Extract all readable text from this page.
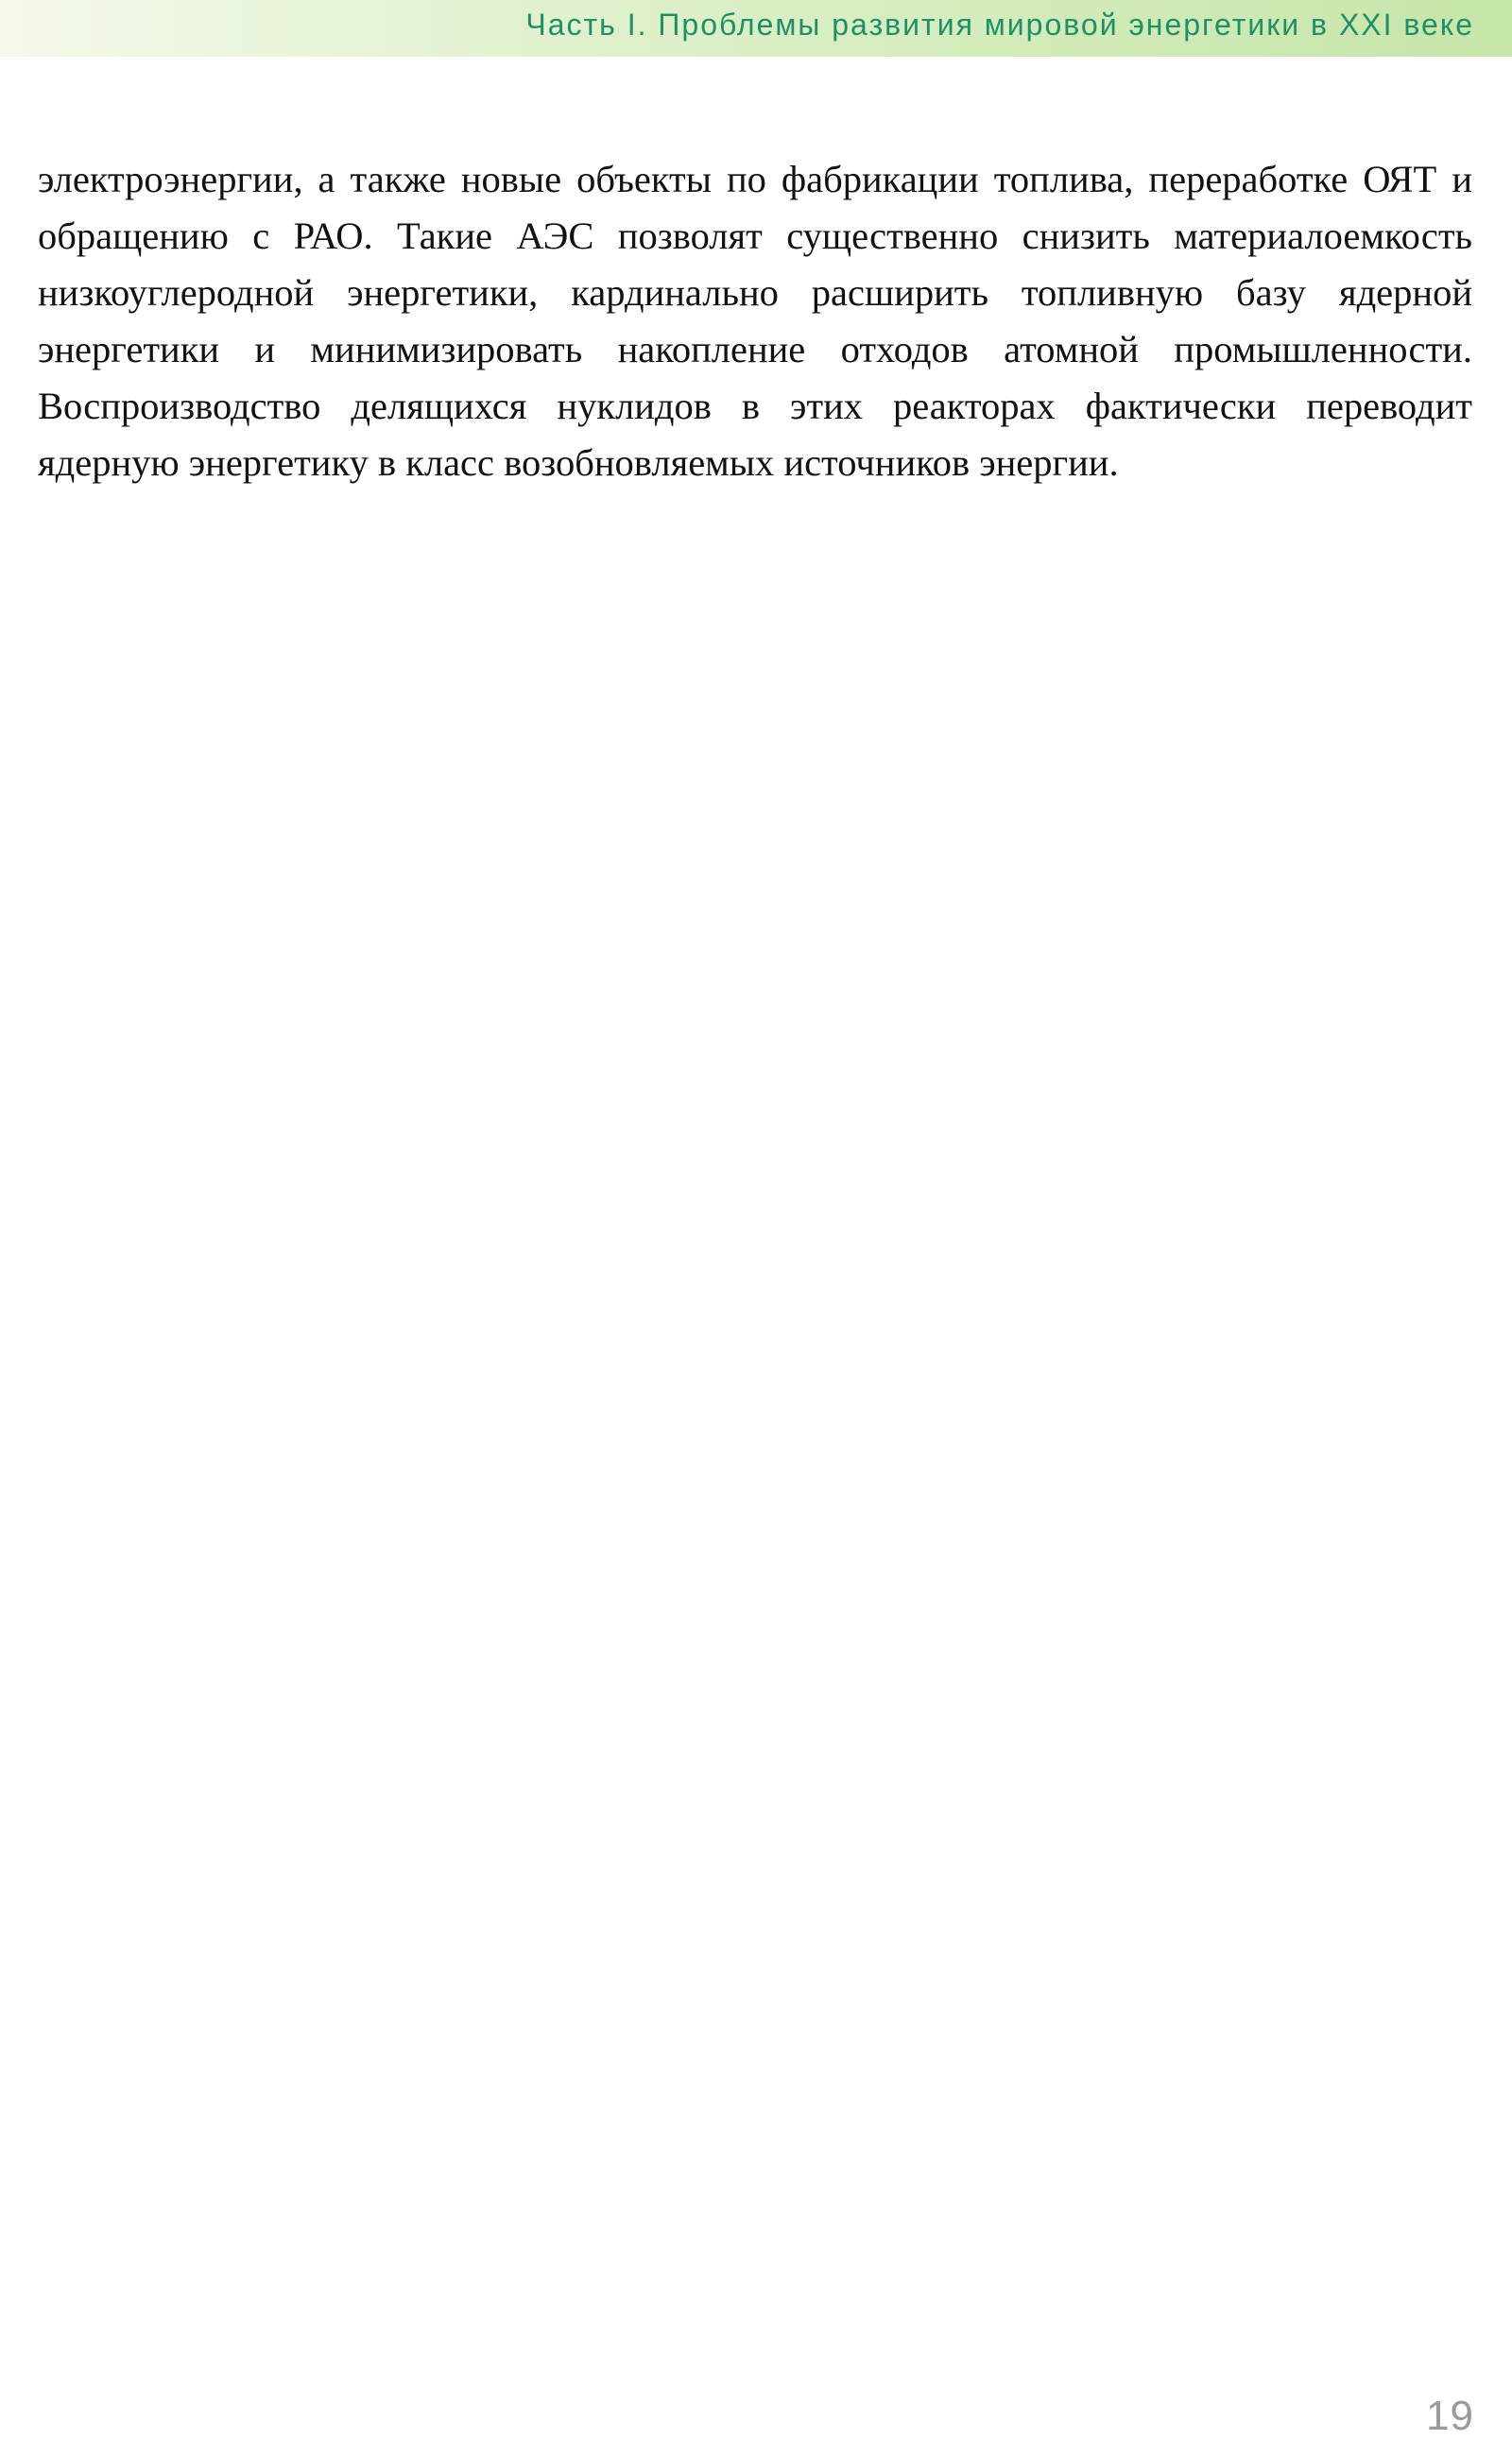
Часть I. Проблемы развития мировой энергетики в XXI веке

электроэнергии, а также новые объекты по фабрикации топлива, переработке ОЯТ и обращению с РАО. Такие АЭС позволят существенно снизить материалоемкость низкоуглеродной энергетики, кардинально расширить топливную базу ядерной энергетики и минимизировать накопление отходов атомной промышленности. Воспроизводство делящихся нуклидов в этих реакторах фактически переводит ядерную энергетику в класс возобновляемых источников энергии.

19
